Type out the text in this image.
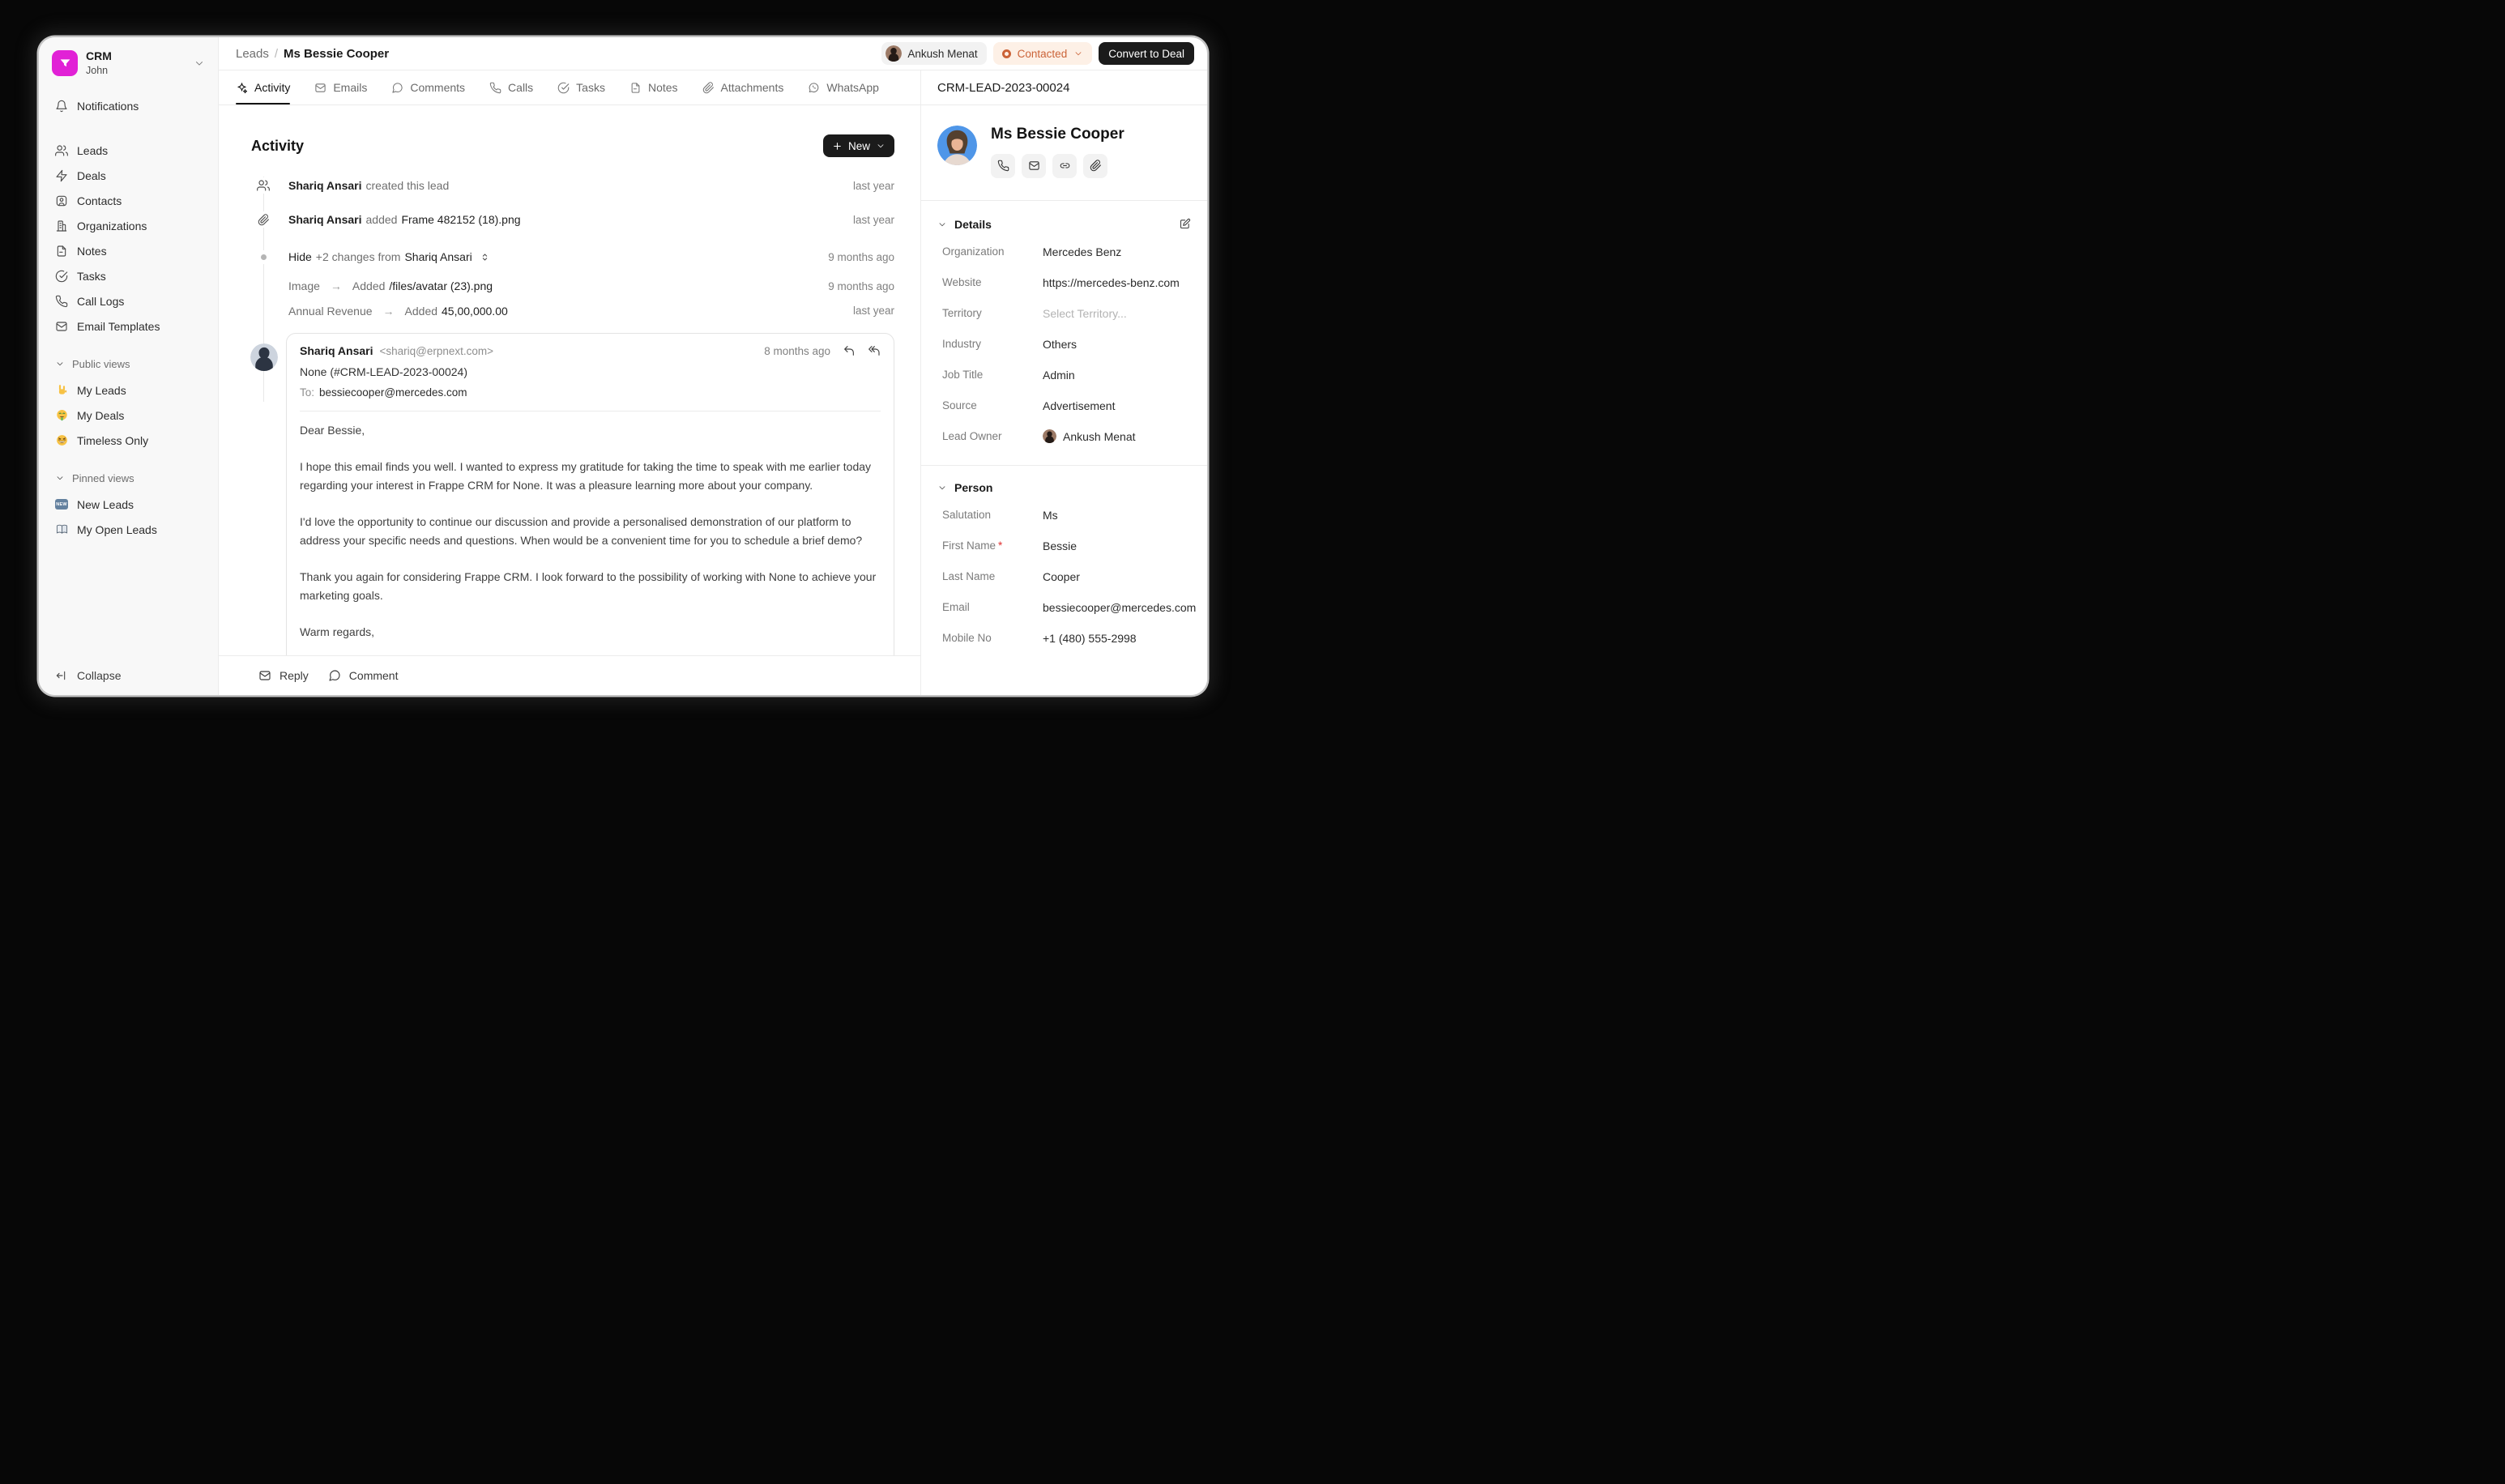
CRM
John
Notifications
Leads
Deals
Contacts
Organizations
Notes
Tasks
Call Logs
Email Templates
Public views
My Leads
My Deals
Timeless Only
Pinned views
NEW New Leads
My Open Leads
Collapse
Leads / Ms Bessie Cooper	Ankush Menat	Contacted	Convert to Deal
Activity	Emails	Comments	Calls	Tasks	Notes	Attachments	WhatsApp
Activity	New
Shariq Ansari created this lead	last year
Shariq Ansari added Frame 482152 (18).png	last year
Hide +2 changes from Shariq Ansari	9 months ago
Image → Added /files/avatar (23).png	9 months ago
Annual Revenue → Added 45,00,000.00	last year
Shariq Ansari <shariq@erpnext.com>	8 months ago
None (#CRM-LEAD-2023-00024)
To: bessiecooper@mercedes.com

Dear Bessie,

I hope this email finds you well. I wanted to express my gratitude for taking the time to speak with me earlier today regarding your interest in Frappe CRM for None. It was a pleasure learning more about your company.

I'd love the opportunity to continue our discussion and provide a personalised demonstration of our platform to address your specific needs and questions. When would be a convenient time for you to schedule a brief demo?

Thank you again for considering Frappe CRM. I look forward to the possibility of working with None to achieve your marketing goals.

Warm regards,

Reply	Comment
CRM-LEAD-2023-00024
Ms Bessie Cooper
Details
Organization	Mercedes Benz
Website	https://mercedes-benz.com
Territory	Select Territory...
Industry	Others
Job Title	Admin
Source	Advertisement
Lead Owner	Ankush Menat
Person
Salutation	Ms
First Name *	Bessie
Last Name	Cooper
Email	bessiecooper@mercedes.com
Mobile No	+1 (480) 555-2998
